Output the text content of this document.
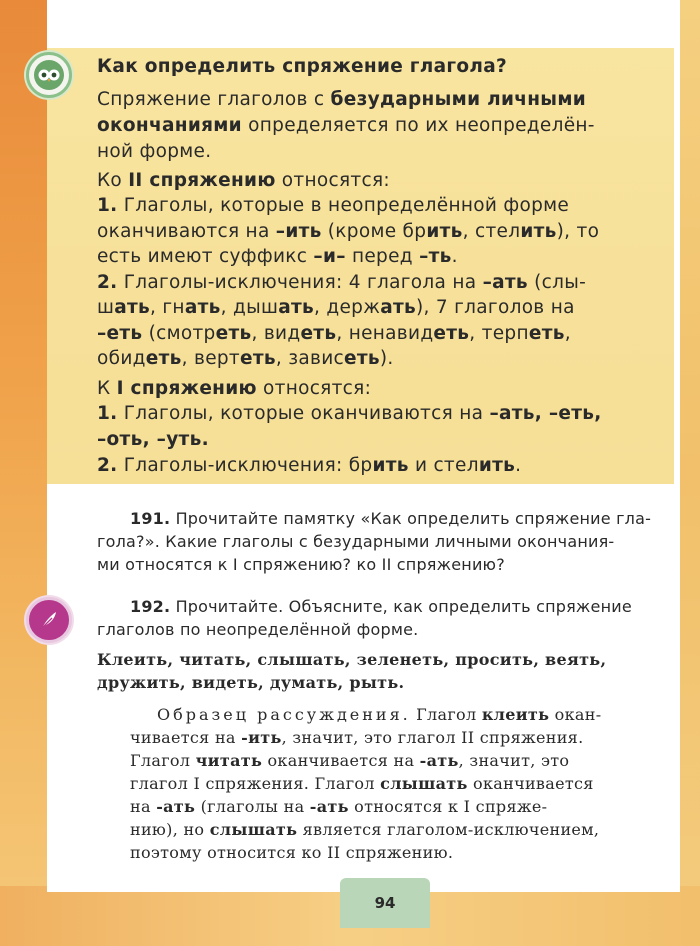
Как определить спряжение глагола?
Спряжение глаголов с безударными личными
окончаниями определяется по их неопределён-
ной форме.
Ко II спряжению относятся:
1. Глаголы, которые в неопределённой форме
оканчиваются на –ить (кроме брить, стелить), то
есть имеют суффикс –и– перед –ть.
2. Глаголы-исключения: 4 глагола на –ать (слы-
шать, гнать, дышать, держать), 7 глаголов на
–еть (смотреть, видеть, ненавидеть, терпеть,
обидеть, вертеть, зависеть).
К I спряжению относятся:
1. Глаголы, которые оканчиваются на –ать, –еть,
–оть, –уть.
2. Глаголы-исключения: брить и стелить.
191. Прочитайте памятку «Как определить спряжение гла-
гола?». Какие глаголы с безударными личными окончания-
ми относятся к I спряжению? ко II спряжению?
192. Прочитайте. Объясните, как определить спряжение
глаголов по неопределённой форме.
Клеить, читать, слышать, зеленеть, просить, веять,
дружить, видеть, думать, рыть.
Образец рассуждения. Глагол клеить окан-
чивается на -ить, значит, это глагол II спряжения.
Глагол читать оканчивается на -ать, значит, это
глагол I спряжения. Глагол слышать оканчивается
на -ать (глаголы на -ать относятся к I спряже-
нию), но слышать является глаголом-исключением,
поэтому относится ко II спряжению.
94
